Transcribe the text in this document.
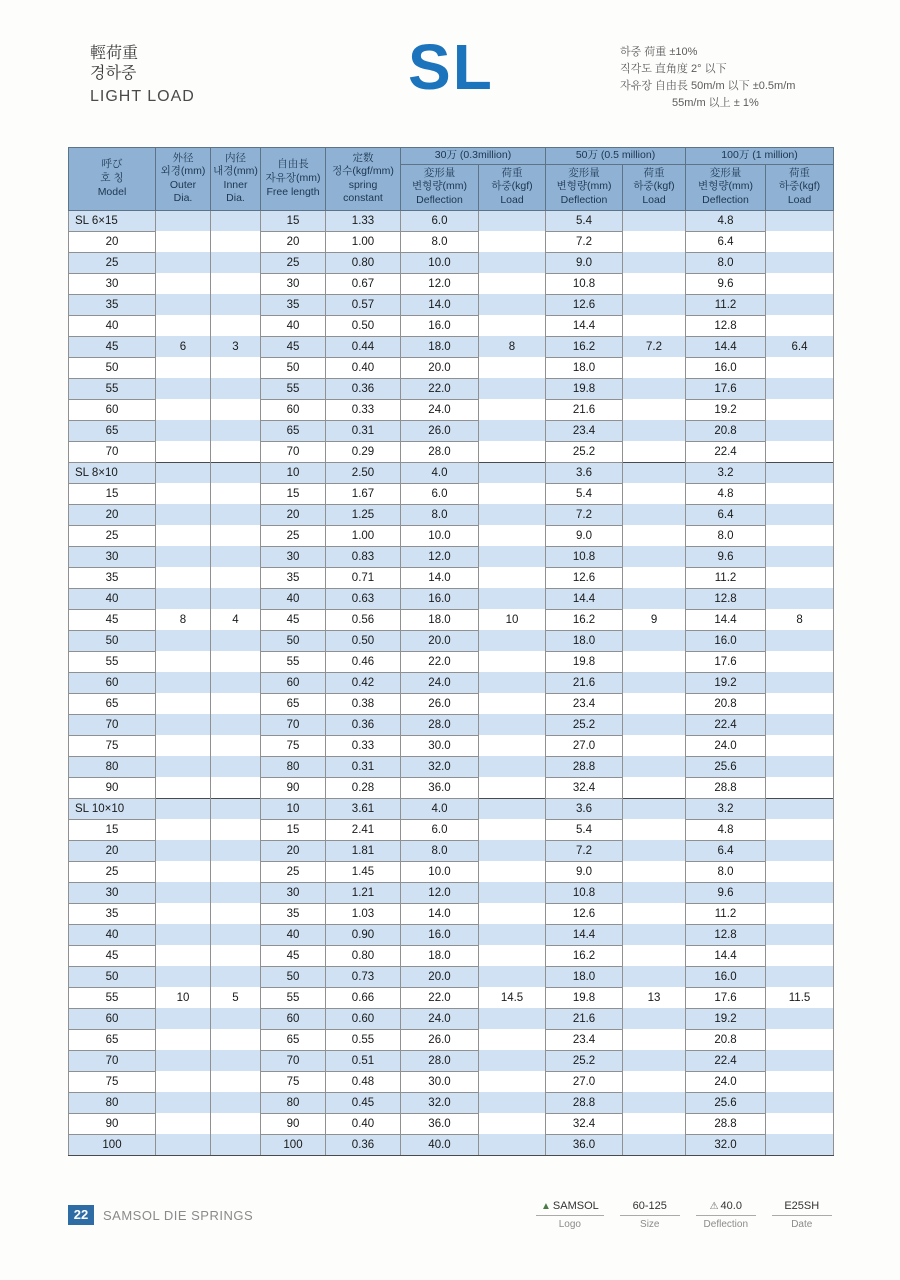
輕荷重
경하중
LIGHT LOAD	SL	하중 荷重 ±10%
직각도 直角度 2° 以下
자유장 自由長 50m/m 以下 ±0.5m/m
55m/m 以上 ± 1%
呼び
호 칭
Model

外径
외경(mm)
Outer
Dia.

内径
내경(mm)
Inner
Dia.

自由長
자유장(mm)
Free length

定数
정수(kgf/mm)
spring
constant
	30万 (0.3million)	50万 (0.5 million)	100万 (1 million)

変形量
변형량(mm)
Deflection

荷重
하중(kgf)
Load

変形量
변형량(mm)
Deflection

荷重
하중(kgf)
Load

変形量
변형량(mm)
Deflection

荷重
하중(kgf)
Load

SL 6×15			15	1.33	6.0		5.4		4.8	
20			20	1.00	8.0		7.2		6.4	
25			25	0.80	10.0		9.0		8.0	
30			30	0.67	12.0		10.8		9.6	
35			35	0.57	14.0		12.6		11.2	
40			40	0.50	16.0		14.4		12.8	
45	6	3	45	0.44	18.0	8	16.2	7.2	14.4	6.4
50			50	0.40	20.0		18.0		16.0	
55			55	0.36	22.0		19.8		17.6	
60			60	0.33	24.0		21.6		19.2	
65			65	0.31	26.0		23.4		20.8	
70			70	0.29	28.0		25.2		22.4	
SL 8×10			10	2.50	4.0		3.6		3.2	
15			15	1.67	6.0		5.4		4.8	
20			20	1.25	8.0		7.2		6.4	
25			25	1.00	10.0		9.0		8.0	
30			30	0.83	12.0		10.8		9.6	
35			35	0.71	14.0		12.6		11.2	
40			40	0.63	16.0		14.4		12.8	
45	8	4	45	0.56	18.0	10	16.2	9	14.4	8
50			50	0.50	20.0		18.0		16.0	
55			55	0.46	22.0		19.8		17.6	
60			60	0.42	24.0		21.6		19.2	
65			65	0.38	26.0		23.4		20.8	
70			70	0.36	28.0		25.2		22.4	
75			75	0.33	30.0		27.0		24.0	
80			80	0.31	32.0		28.8		25.6	
90			90	0.28	36.0		32.4		28.8	
SL 10×10			10	3.61	4.0		3.6		3.2	
15			15	2.41	6.0		5.4		4.8	
20			20	1.81	8.0		7.2		6.4	
25			25	1.45	10.0		9.0		8.0	
30			30	1.21	12.0		10.8		9.6	
35			35	1.03	14.0		12.6		11.2	
40			40	0.90	16.0		14.4		12.8	
45			45	0.80	18.0		16.2		14.4	
50			50	0.73	20.0		18.0		16.0	
55	10	5	55	0.66	22.0	14.5	19.8	13	17.6	11.5
60			60	0.60	24.0		21.6		19.2	
65			65	0.55	26.0		23.4		20.8	
70			70	0.51	28.0		25.2		22.4	
75			75	0.48	30.0		27.0		24.0	
80			80	0.45	32.0		28.8		25.6	
90			90	0.40	36.0		32.4		28.8	
100			100	0.36	40.0		36.0		32.0	
22	SAMSOL DIE SPRINGS
▲ SAMSOL
Logo
60-125
Size
⚠ 40.0
Deflection
E25SH
Date
